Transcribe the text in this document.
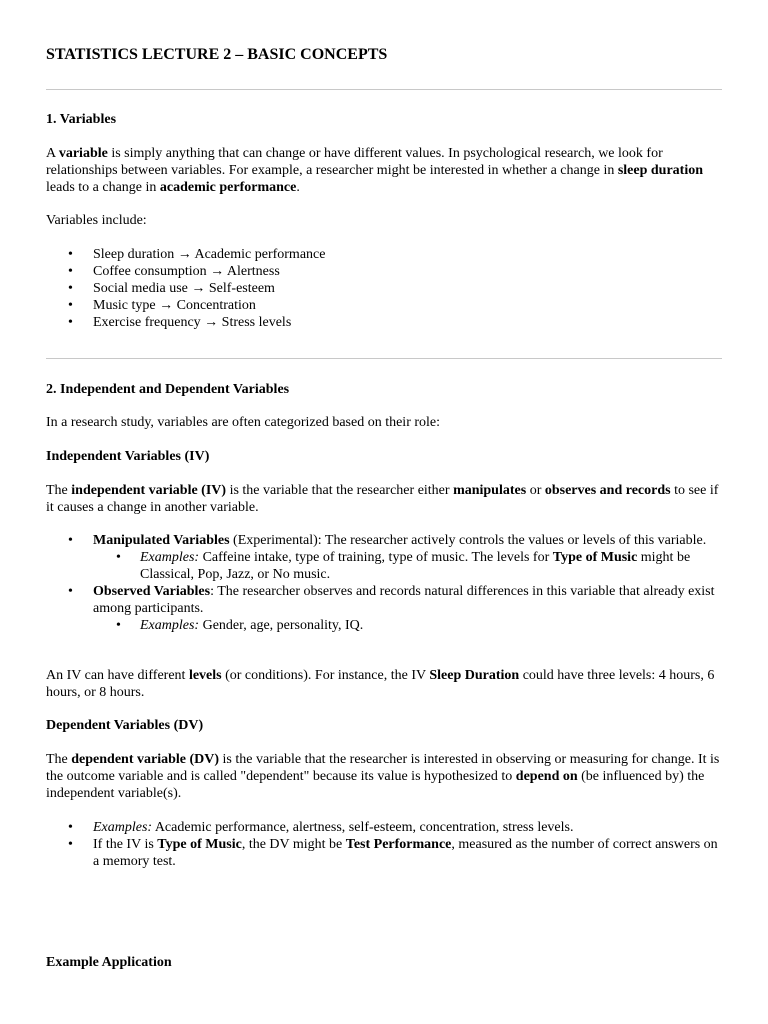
STATISTICS LECTURE 2 – BASIC CONCEPTS
1. Variables

A variable is simply anything that can change or have different values. In psychological research, we look for relationships between variables. For example, a researcher might be interested in whether a change in sleep duration leads to a change in academic performance.

Variables include:

• Sleep duration → Academic performance
• Coffee consumption → Alertness
• Social media use → Self-esteem
• Music type → Concentration
• Exercise frequency → Stress levels
2. Independent and Dependent Variables

In a research study, variables are often categorized based on their role:

Independent Variables (IV)

The independent variable (IV) is the variable that the researcher either manipulates or observes and records to see if it causes a change in another variable.

• Manipulated Variables (Experimental): The researcher actively controls the values or levels of this variable.
• Examples: Caffeine intake, type of training, type of music. The levels for Type of Music might be Classical, Pop, Jazz, or No music.
• Observed Variables: The researcher observes and records natural differences in this variable that already exist among participants.
• Examples: Gender, age, personality, IQ.

An IV can have different levels (or conditions). For instance, the IV Sleep Duration could have three levels: 4 hours, 6 hours, or 8 hours.

Dependent Variables (DV)

The dependent variable (DV) is the variable that the researcher is interested in observing or measuring for change. It is the outcome variable and is called "dependent" because its value is hypothesized to depend on (be influenced by) the independent variable(s).

• Examples: Academic performance, alertness, self-esteem, concentration, stress levels.
• If the IV is Type of Music, the DV might be Test Performance, measured as the number of correct answers on a memory test.
Example Application
